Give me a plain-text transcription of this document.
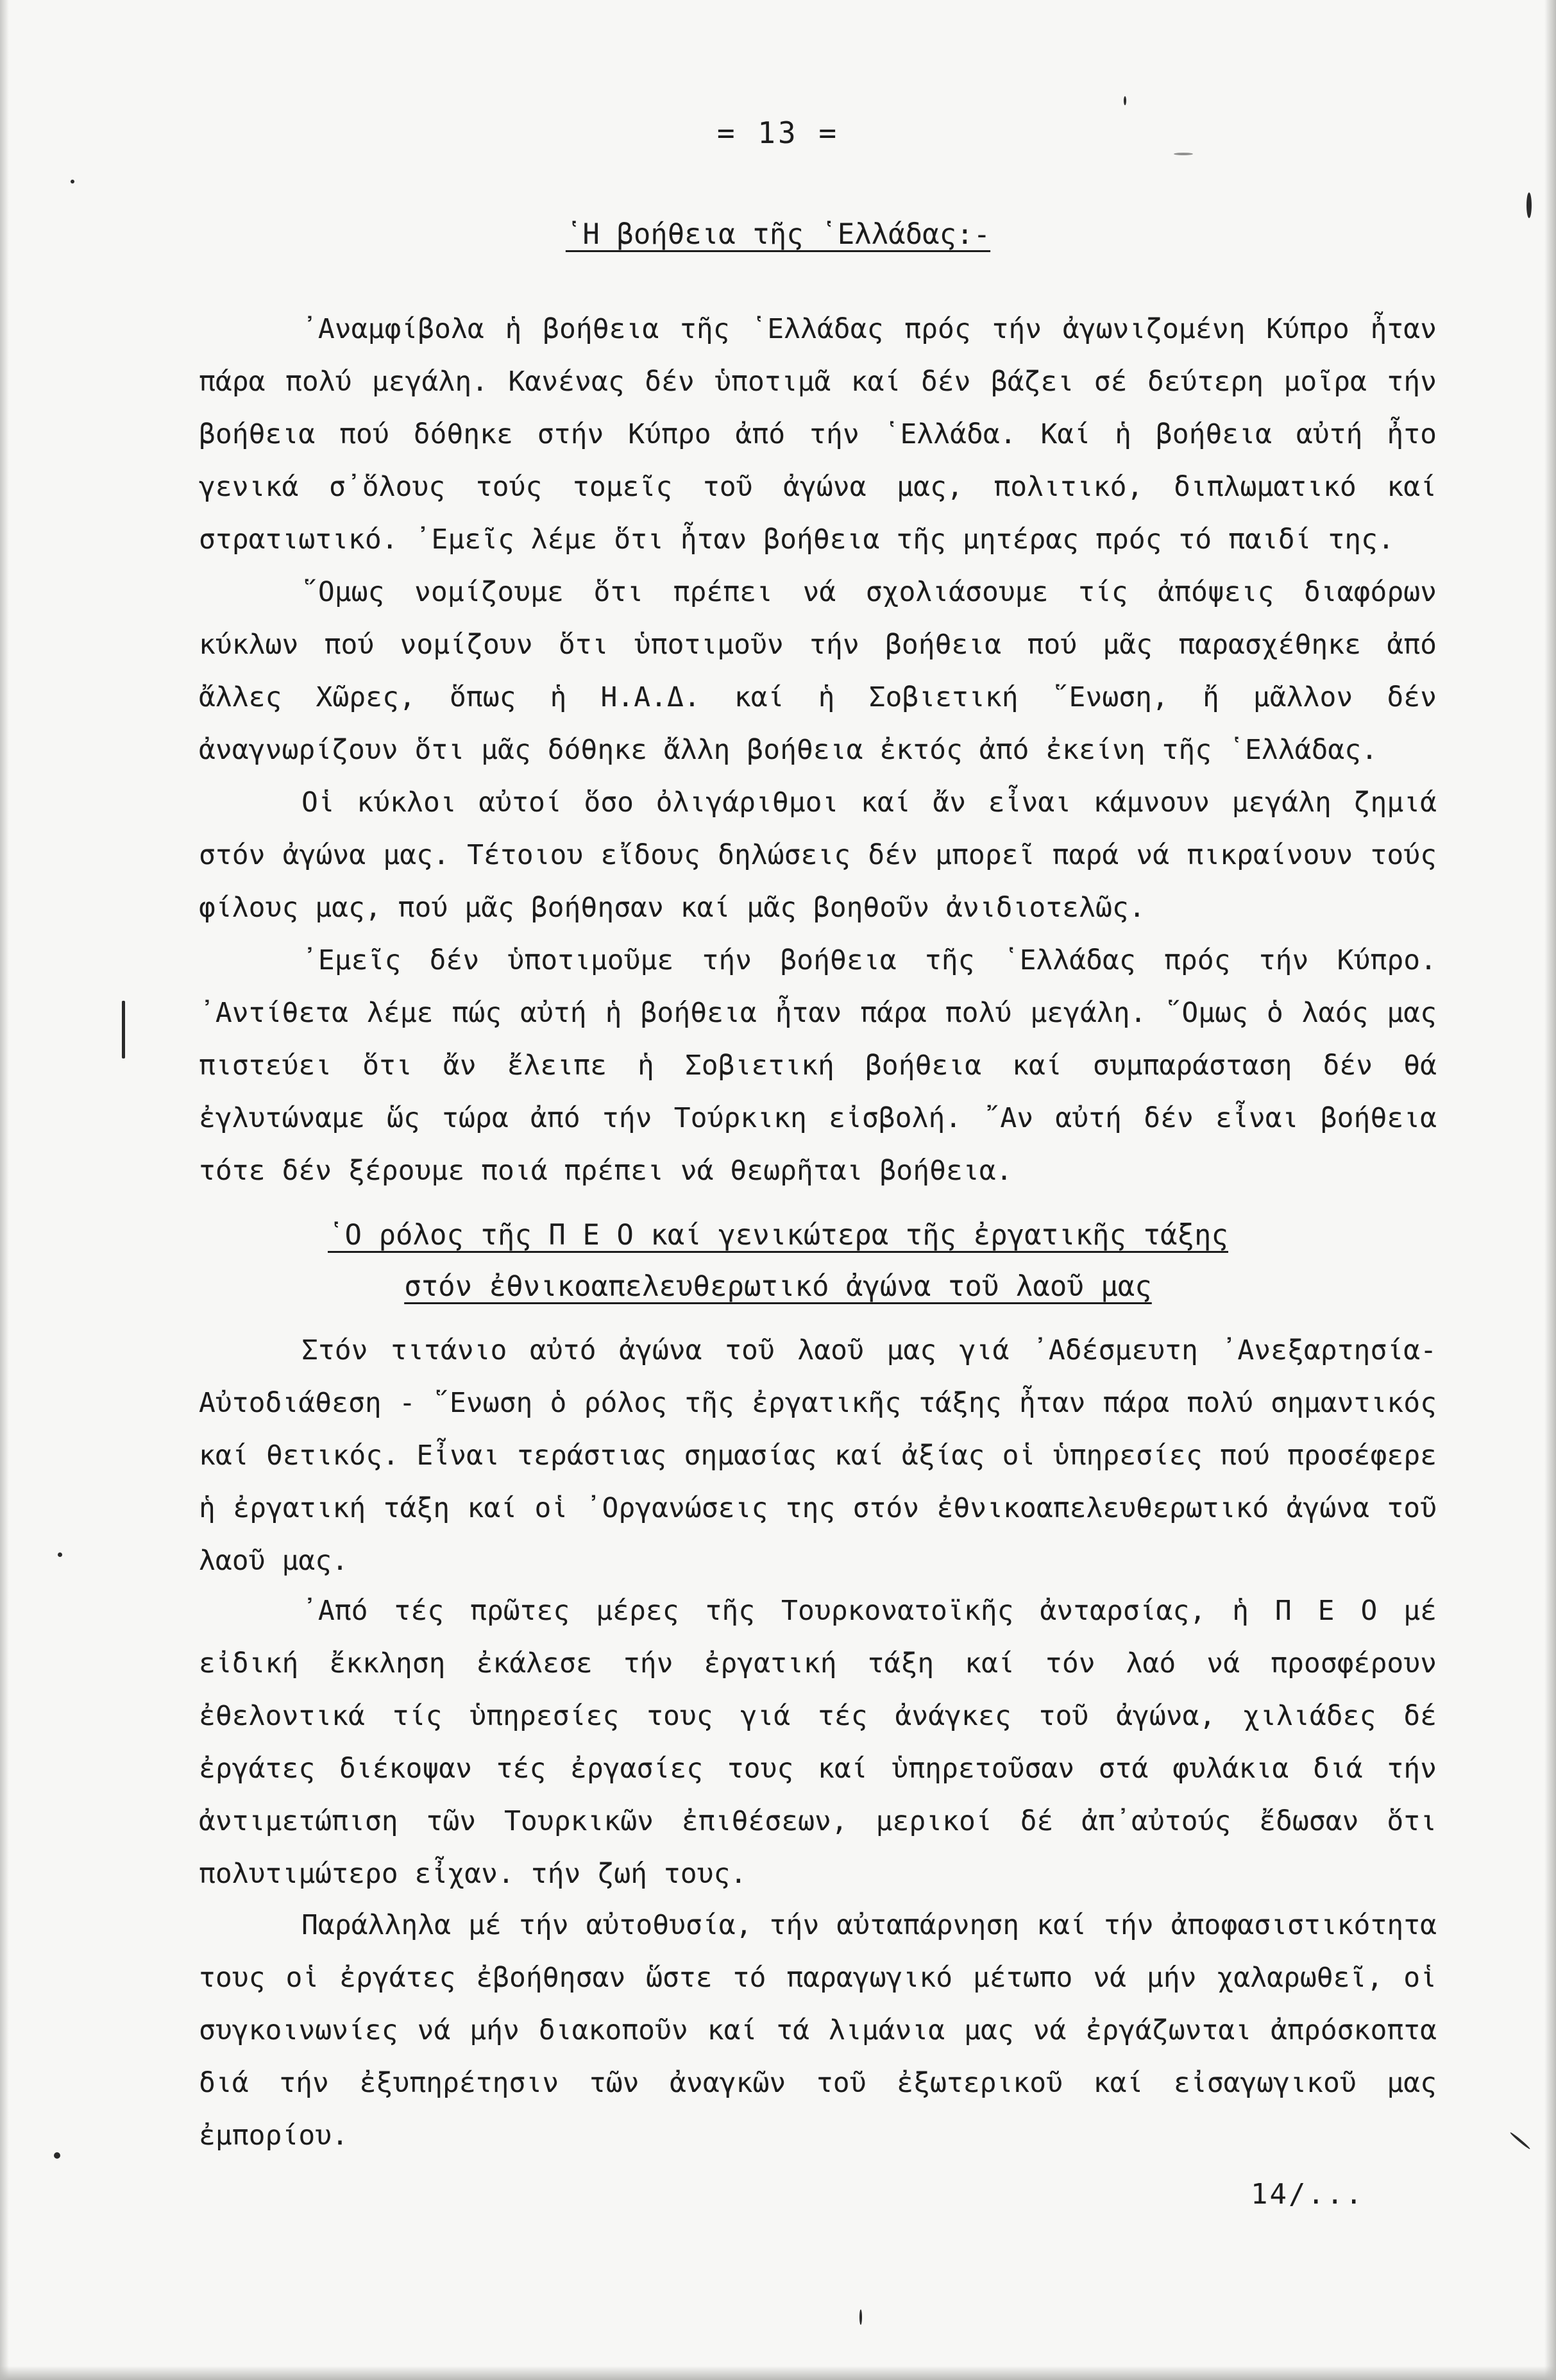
= 13 =
῾Η βοήθεια τῆς ῾Ελλάδας:-

᾿Αναμφίβολα ἡ βοήθεια τῆς ῾Ελλάδας πρός τήν ἀγωνιζομένη Κύπρο ἦταν πάρα πολύ μεγάλη. Κανένας δέν ὑποτιμᾶ καί δέν βάζει σέ δεύτερη μοῖρα τήν βοήθεια πού δόθηκε στήν Κύπρο ἀπό τήν ῾Ελλάδα. Καί ἡ βοήθεια αὐτή ἦτο γενικά σ᾿ὅλους τούς τομεῖς τοῦ ἀγώνα μας, πολιτικό, διπλωματικό καί στρατιωτικό. ᾿Εμεῖς λέμε ὅτι ἦταν βοήθεια τῆς μητέρας πρός τό παιδί της.

῞Ομως νομίζουμε ὅτι πρέπει νά σχολιάσουμε τίς ἀπόψεις διαφόρων κύκλων πού νομίζουν ὅτι ὑποτιμοῦν τήν βοήθεια πού μᾶς παρασχέθηκε ἀπό ἄλλες Χῶρες, ὅπως ἡ Η.Α.Δ. καί ἡ Σοβιετική ῞Ενωση, ἤ μᾶλλον δέν ἀναγνωρίζουν ὅτι μᾶς δόθηκε ἄλλη βοήθεια ἐκτός ἀπό ἐκείνη τῆς ῾Ελλάδας.

Οἱ κύκλοι αὐτοί ὅσο ὀλιγάριθμοι καί ἄν εἶναι κάμνουν μεγάλη ζημιά στόν ἀγώνα μας. Τέτοιου εἴδους δηλώσεις δέν μπορεῖ παρά νά πικραίνουν τούς φίλους μας, πού μᾶς βοήθησαν καί μᾶς βοηθοῦν ἀνιδιοτελῶς.

᾿Εμεῖς δέν ὑποτιμοῦμε τήν βοήθεια τῆς ῾Ελλάδας πρός τήν Κύπρο. ᾿Αντίθετα λέμε πώς αὐτή ἡ βοήθεια ἦταν πάρα πολύ μεγάλη. ῞Ομως ὁ λαός μας πιστεύει ὅτι ἄν ἔλειπε ἡ Σοβιετική βοήθεια καί συμπαράσταση δέν θά ἐγλυτώναμε ὥς τώρα ἀπό τήν Τούρκικη εἰσβολή. ῎Αν αὐτή δέν εἶναι βοήθεια τότε δέν ξέρουμε ποιά πρέπει νά θεωρῆται βοήθεια.

῾Ο ρόλος τῆς Π Ε Ο καί γενικώτερα τῆς ἐργατικῆς τάξης
στόν ἐθνικοαπελευθερωτικό ἀγώνα τοῦ λαοῦ μας

Στόν τιτάνιο αὐτό ἀγώνα τοῦ λαοῦ μας γιά ᾿Αδέσμευτη ᾿Ανεξαρτησία-Αὐτοδιάθεση - ῞Ενωση ὁ ρόλος τῆς ἐργατικῆς τάξης ἦταν πάρα πολύ σημαντικός καί θετικός. Εἶναι τεράστιας σημασίας καί ἀξίας οἱ ὑπηρεσίες πού προσέφερε ἡ ἐργατική τάξη καί οἱ ᾿Οργανώσεις της στόν ἐθνικοαπελευθερωτικό ἀγώνα τοῦ λαοῦ μας.

᾿Από τές πρῶτες μέρες τῆς Τουρκονατοϊκῆς ἀνταρσίας, ἡ Π Ε Ο μέ εἰδική ἔκκληση ἐκάλεσε τήν ἐργατική τάξη καί τόν λαό νά προσφέρουν ἐθελοντικά τίς ὑπηρεσίες τους γιά τές ἀνάγκες τοῦ ἀγώνα, χιλιάδες δέ ἐργάτες διέκοψαν τές ἐργασίες τους καί ὑπηρετοῦσαν στά φυλάκια διά τήν ἀντιμετώπιση τῶν Τουρκικῶν ἐπιθέσεων, μερικοί δέ ἀπ᾿αὐτούς ἔδωσαν ὅτι πολυτιμώτερο εἶχαν. τήν ζωή τους.

Παράλληλα μέ τήν αὐτοθυσία, τήν αὐταπάρνηση καί τήν ἀποφασιστικότητα τους οἱ ἐργάτες ἐβοήθησαν ὥστε τό παραγωγικό μέτωπο νά μήν χαλαρωθεῖ, οἱ συγκοινωνίες νά μήν διακοποῦν καί τά λιμάνια μας νά ἐργάζωνται ἀπρόσκοπτα διά τήν ἐξυπηρέτησιν τῶν ἀναγκῶν τοῦ ἐξωτερικοῦ καί εἰσαγωγικοῦ μας ἐμπορίου.

14/...
